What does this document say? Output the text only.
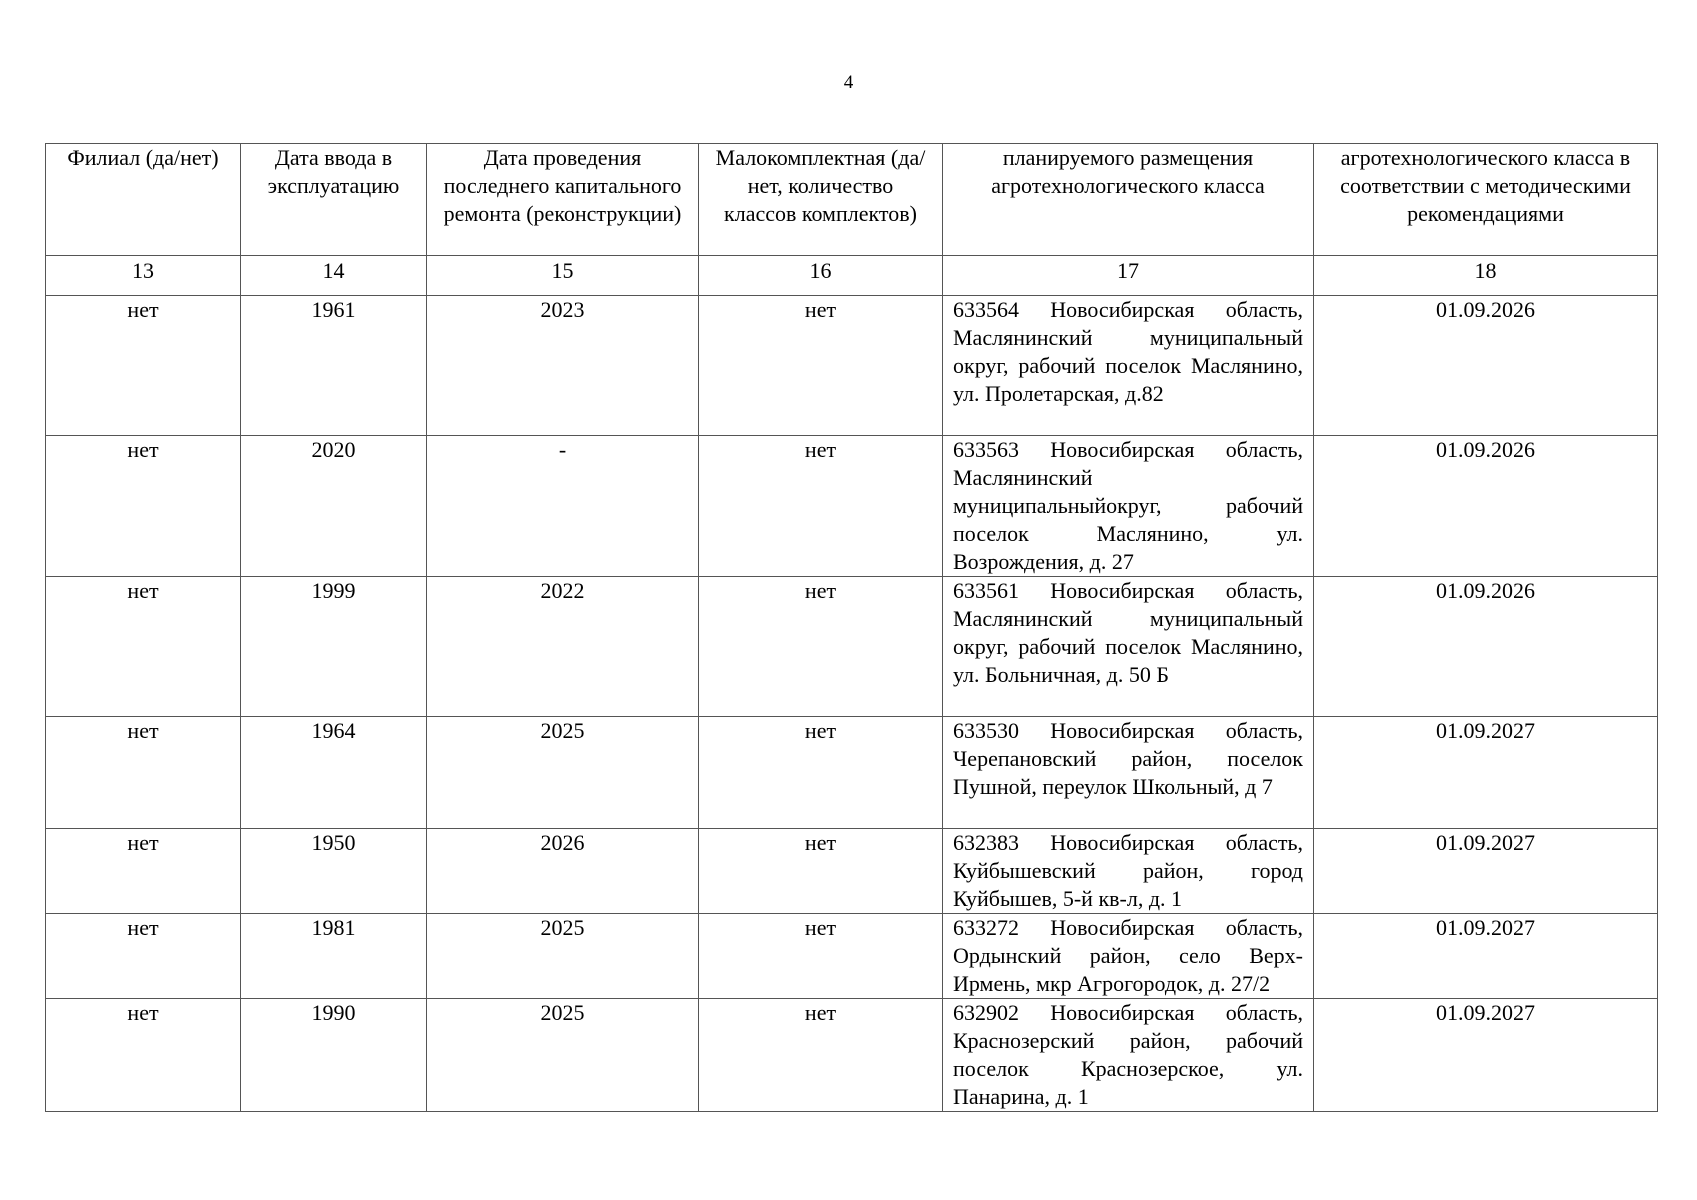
4
Филиал (да/нет)	Дата ввода в эксплуатацию	Дата проведения последнего капитального ремонта (реконструкции)	Малокомплектная (да/нет, количество классов комплектов)	планируемого размещения агротехнологического класса	агротехнологического класса в соответствии с методическими рекомендациями
13	14	15	16	17	18
нет	1961	2023	нет	633564 Новосибирская область, Маслянинский муниципальный округ, рабочий поселок Маслянино, ул. Пролетарская, д.82	01.09.2026
нет	2020	-	нет	633563 Новосибирская область, Маслянинский муниципальныйокруг, рабочий поселок Маслянино, ул. Возрождения, д. 27	01.09.2026
нет	1999	2022	нет	633561 Новосибирская область, Маслянинский муниципальный округ, рабочий поселок Маслянино, ул. Больничная, д. 50 Б	01.09.2026
нет	1964	2025	нет	633530 Новосибирская область, Черепановский район, поселок Пушной, переулок Школьный, д 7	01.09.2027
нет	1950	2026	нет	632383 Новосибирская область, Куйбышевский район, город Куйбышев, 5-й кв-л, д. 1	01.09.2027
нет	1981	2025	нет	633272 Новосибирская область, Ордынский район, село Верх-Ирмень, мкр Агрогородок, д. 27/2	01.09.2027
нет	1990	2025	нет	632902 Новосибирская область, Краснозерский район, рабочий поселок Краснозерское, ул. Панарина, д. 1	01.09.2027
